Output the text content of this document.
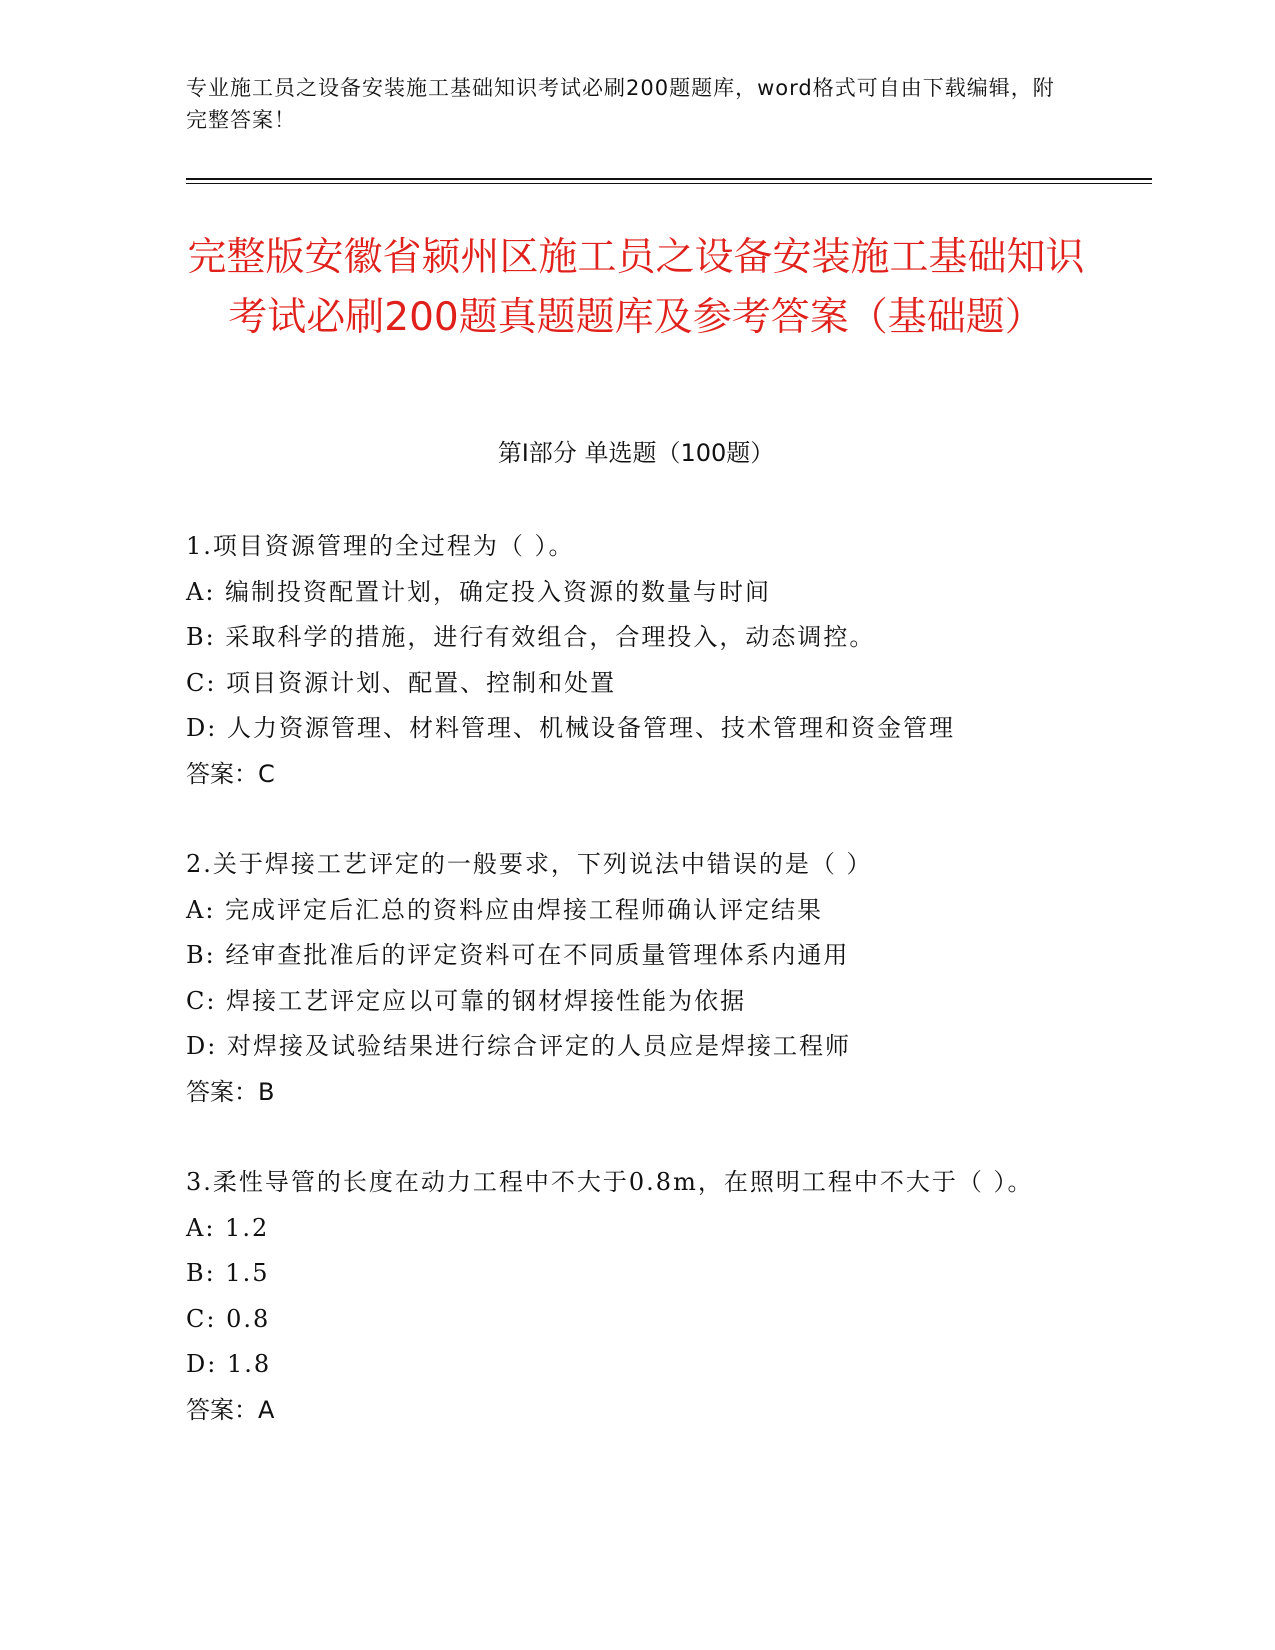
专业施工员之设备安装施工基础知识考试必刷200题题库，word格式可自由下载编辑，附完整答案！
完整版安徽省颍州区施工员之设备安装施工基础知识考试必刷200题真题题库及参考答案（基础题）
第Ⅰ部分 单选题（100题）

1.项目资源管理的全过程为（ ）。

A: 编制投资配置计划，确定投入资源的数量与时间

B: 采取科学的措施，进行有效组合，合理投入，动态调控。

C: 项目资源计划、配置、控制和处置

D: 人力资源管理、材料管理、机械设备管理、技术管理和资金管理

答案：C

2.关于焊接工艺评定的一般要求，下列说法中错误的是（ ）

A: 完成评定后汇总的资料应由焊接工程师确认评定结果

B: 经审查批准后的评定资料可在不同质量管理体系内通用

C: 焊接工艺评定应以可靠的钢材焊接性能为依据

D: 对焊接及试验结果进行综合评定的人员应是焊接工程师

答案：B

3.柔性导管的长度在动力工程中不大于0.8m，在照明工程中不大于（ ）。

A: 1.2

B: 1.5

C: 0.8

D: 1.8

答案：A
